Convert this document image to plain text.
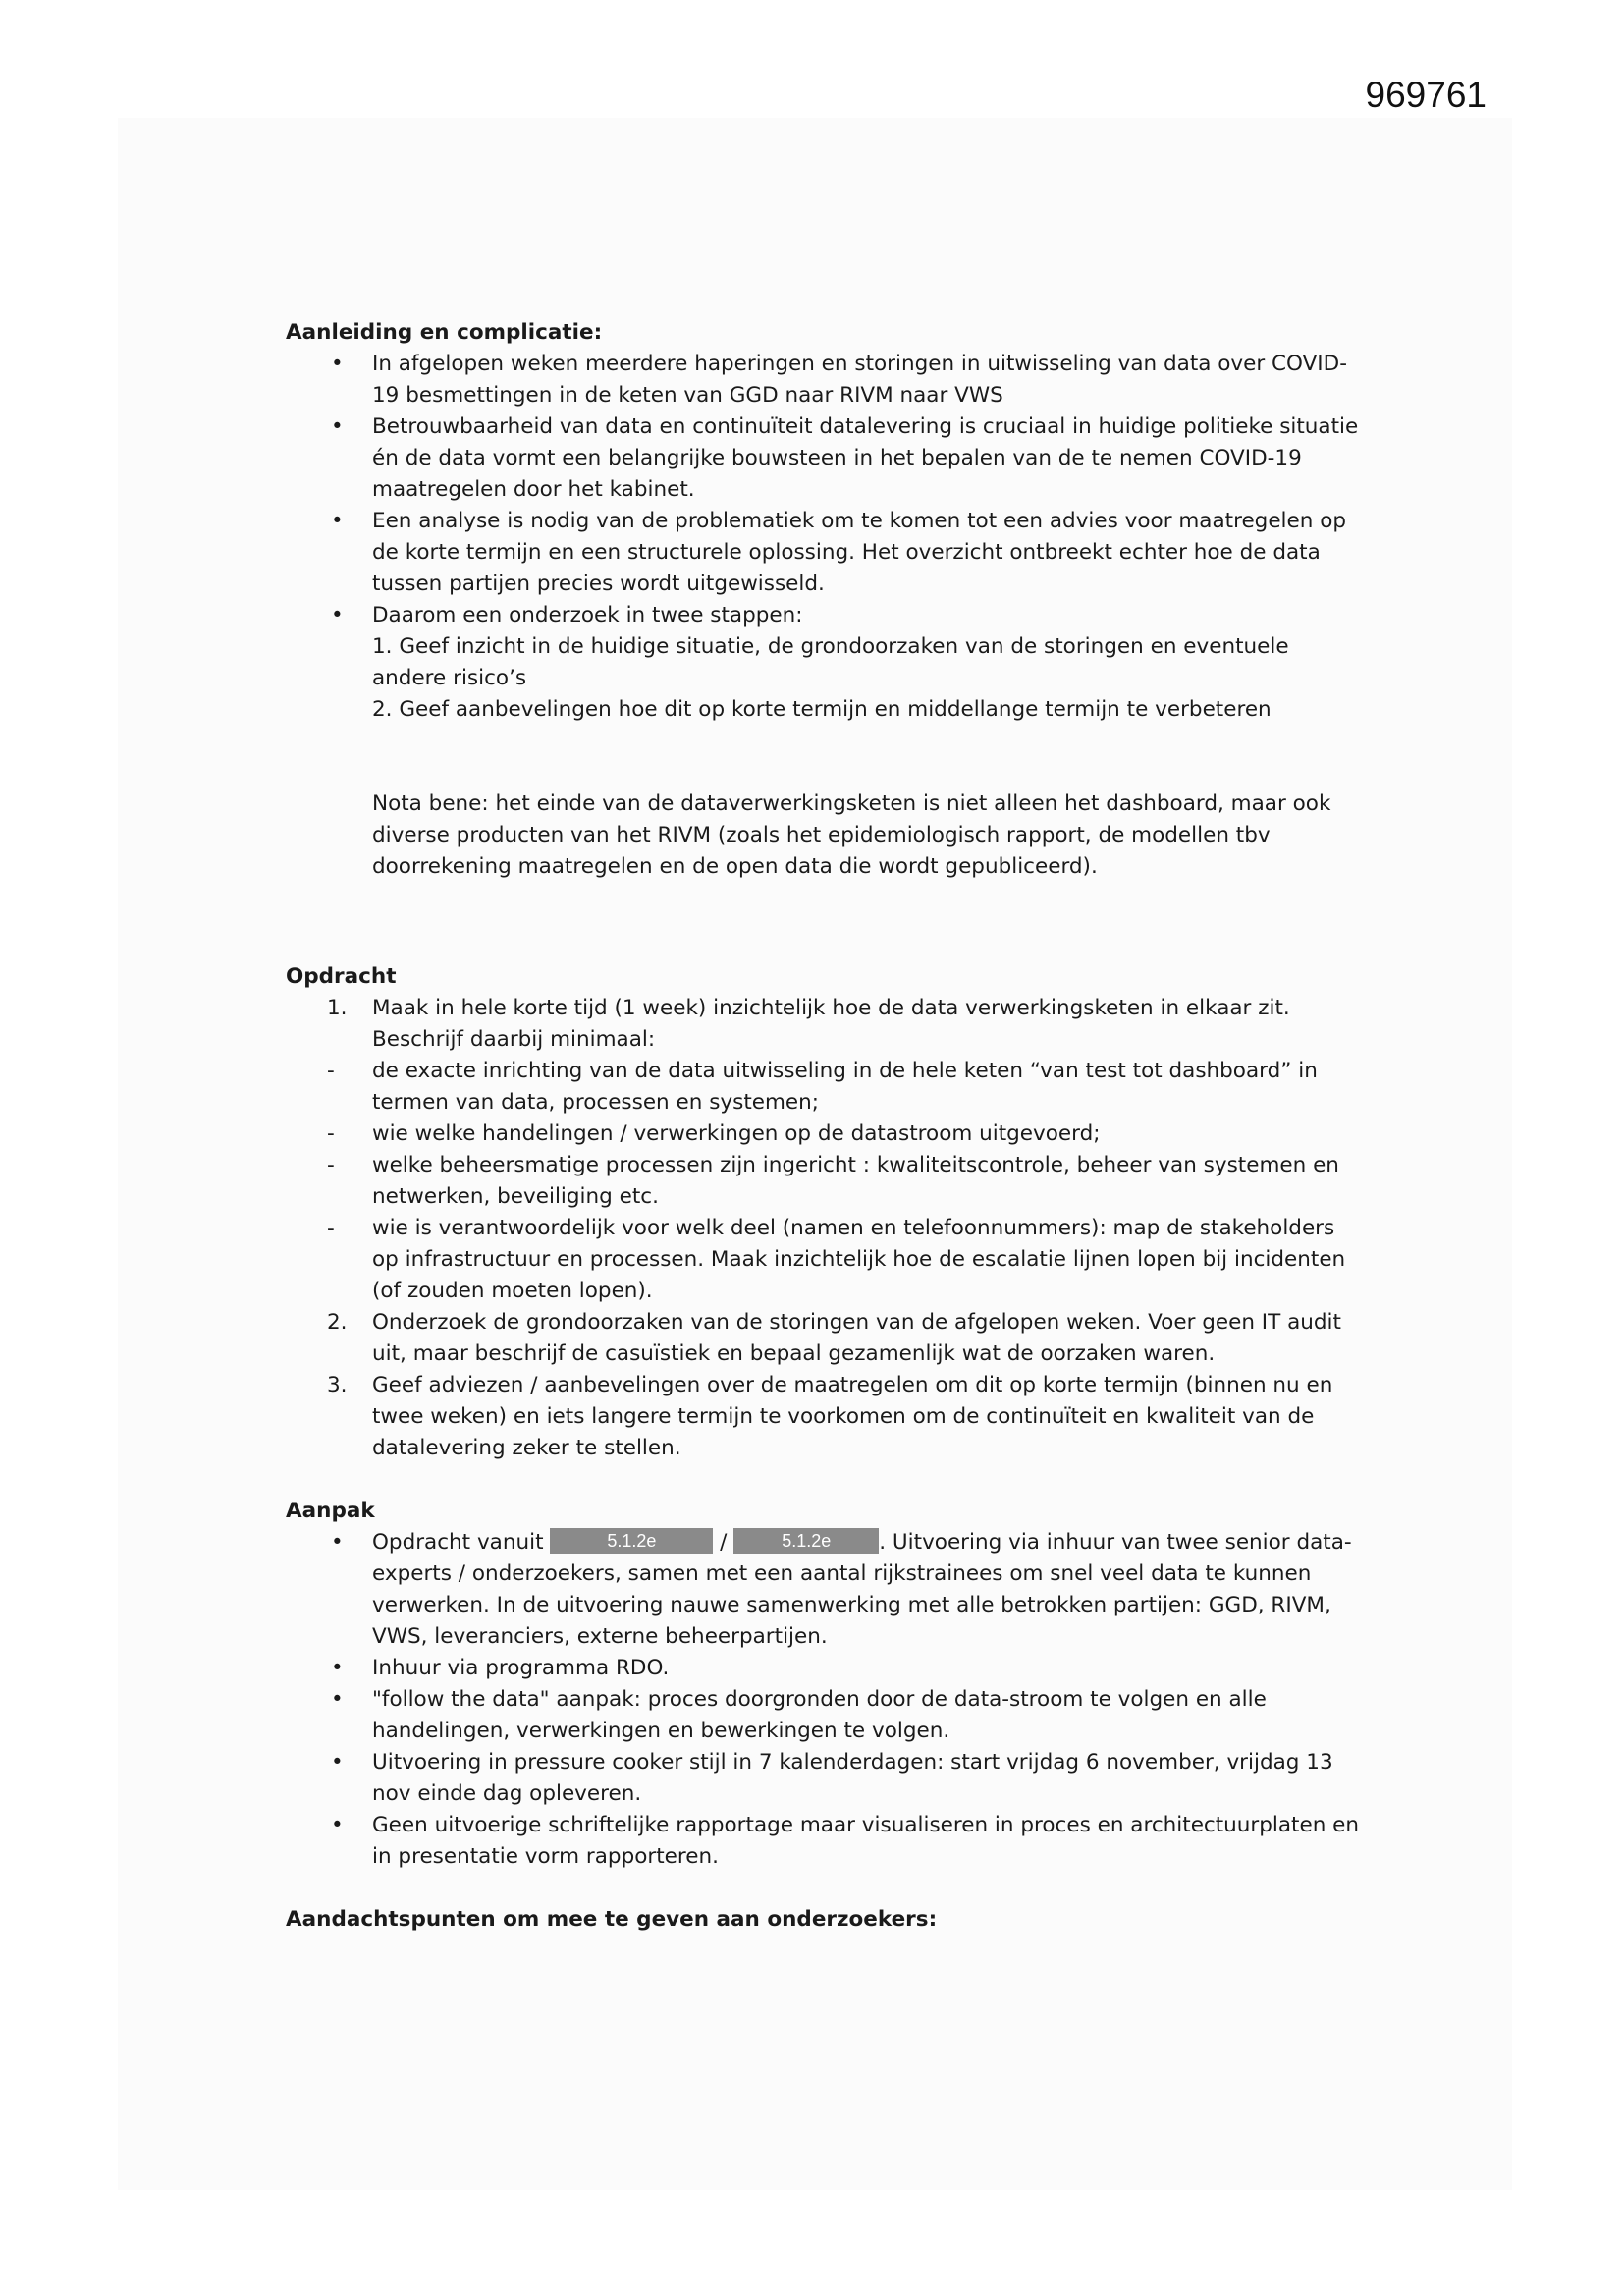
969761

Aanleiding en complicatie:

•	In afgelopen weken meerdere haperingen en storingen in uitwisseling van data over COVID-19 besmettingen in de keten van GGD naar RIVM naar VWS
•	Betrouwbaarheid van data en continuïteit datalevering is cruciaal in huidige politieke situatie én de data vormt een belangrijke bouwsteen in het bepalen van de te nemen COVID-19 maatregelen door het kabinet.
•	Een analyse is nodig van de problematiek om te komen tot een advies voor maatregelen op de korte termijn en een structurele oplossing. Het overzicht ontbreekt echter hoe de data tussen partijen precies wordt uitgewisseld.
•	Daarom een onderzoek in twee stappen:

1. Geef inzicht in de huidige situatie, de grondoorzaken van de storingen en eventuele andere risico’s

2. Geef aanbevelingen hoe dit op korte termijn en middellange termijn te verbeteren

Nota bene: het einde van de dataverwerkingsketen is niet alleen het dashboard, maar ook diverse producten van het RIVM (zoals het epidemiologisch rapport, de modellen tbv doorrekening maatregelen en de open data die wordt gepubliceerd).

Opdracht

1.	Maak in hele korte tijd (1 week) inzichtelijk hoe de data verwerkingsketen in elkaar zit. Beschrijf daarbij minimaal:
-	de exacte inrichting van de data uitwisseling in de hele keten “van test tot dashboard” in termen van data, processen en systemen;
-	wie welke handelingen / verwerkingen op de datastroom uitgevoerd;
-	welke beheersmatige processen zijn ingericht : kwaliteitscontrole, beheer van systemen en netwerken, beveiliging etc.
-	wie is verantwoordelijk voor welk deel (namen en telefoonnummers): map de stakeholders op infrastructuur en processen. Maak inzichtelijk hoe de escalatie lijnen lopen bij incidenten (of zouden moeten lopen).
2.	Onderzoek de grondoorzaken van de storingen van de afgelopen weken. Voer geen IT audit uit, maar beschrijf de casuïstiek en bepaal gezamenlijk wat de oorzaken waren.
3.	Geef adviezen / aanbevelingen over de maatregelen om dit op korte termijn (binnen nu en twee weken) en iets langere termijn te voorkomen om de continuïteit en kwaliteit van de datalevering zeker te stellen.

Aanpak

•	Opdracht vanuit	5.1.2e	/	5.1.2e . Uitvoering via inhuur van twee senior data-experts / onderzoekers, samen met een aantal rijkstrainees om snel veel data te kunnen verwerken. In de uitvoering nauwe samenwerking met alle betrokken partijen: GGD, RIVM, VWS, leveranciers, externe beheerpartijen.
•	Inhuur via programma RDO.
•	"follow the data" aanpak: proces doorgronden door de data-stroom te volgen en alle handelingen, verwerkingen en bewerkingen te volgen.
•	Uitvoering in pressure cooker stijl in 7 kalenderdagen: start vrijdag 6 november, vrijdag 13 nov einde dag opleveren.
•	Geen uitvoerige schriftelijke rapportage maar visualiseren in proces en architectuurplaten en in presentatie vorm rapporteren.

Aandachtspunten om mee te geven aan onderzoekers:
